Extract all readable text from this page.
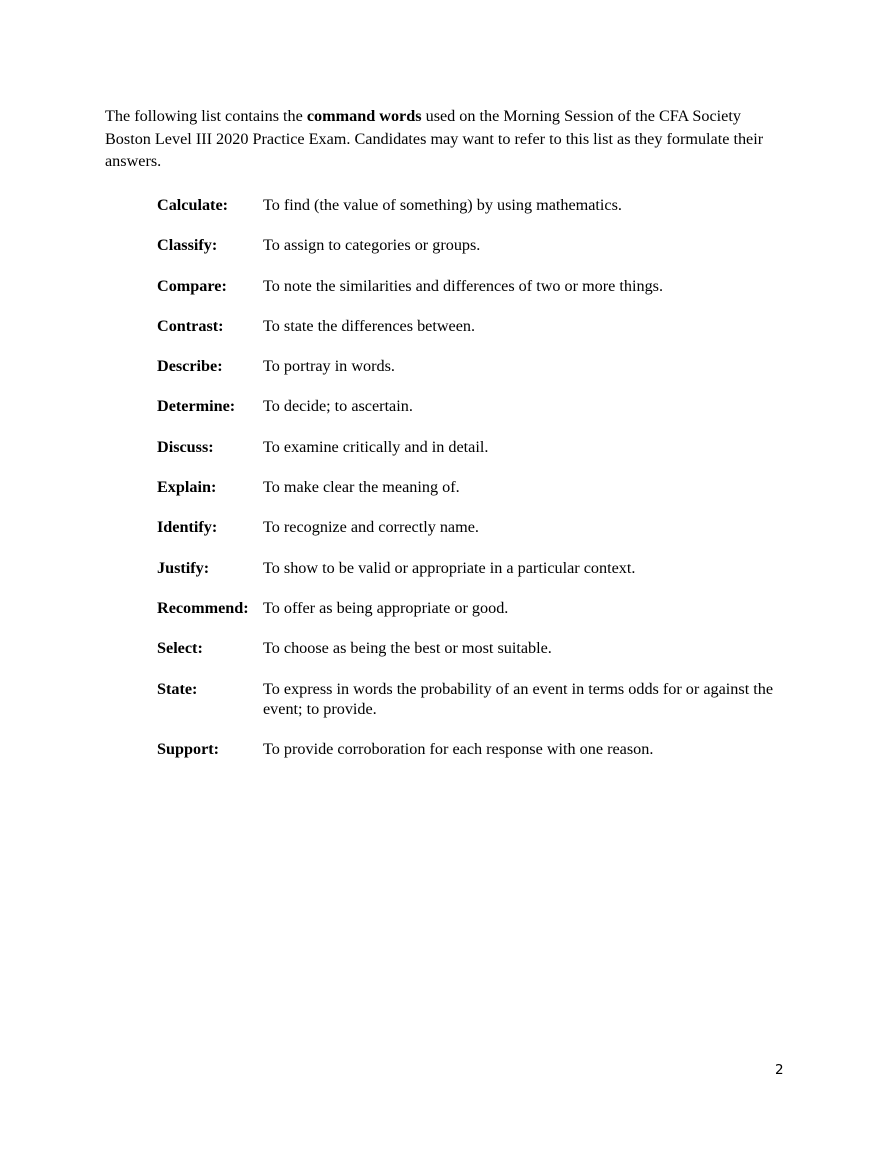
The following list contains the command words used on the Morning Session of the CFA Society Boston Level III 2020 Practice Exam. Candidates may want to refer to this list as they formulate their answers.

Calculate:	To find (the value of something) by using mathematics.
Classify:	To assign to categories or groups.
Compare:	To note the similarities and differences of two or more things.
Contrast:	To state the differences between.
Describe:	To portray in words.
Determine:	To decide; to ascertain.
Discuss:	To examine critically and in detail.
Explain:	To make clear the meaning of.
Identify:	To recognize and correctly name.
Justify:	To show to be valid or appropriate in a particular context.
Recommend: To offer as being appropriate or good.
Select:	To choose as being the best or most suitable.
State:	To express in words the probability of an event in terms odds for or against the event; to provide.
Support:	To provide corroboration for each response with one reason.
2
